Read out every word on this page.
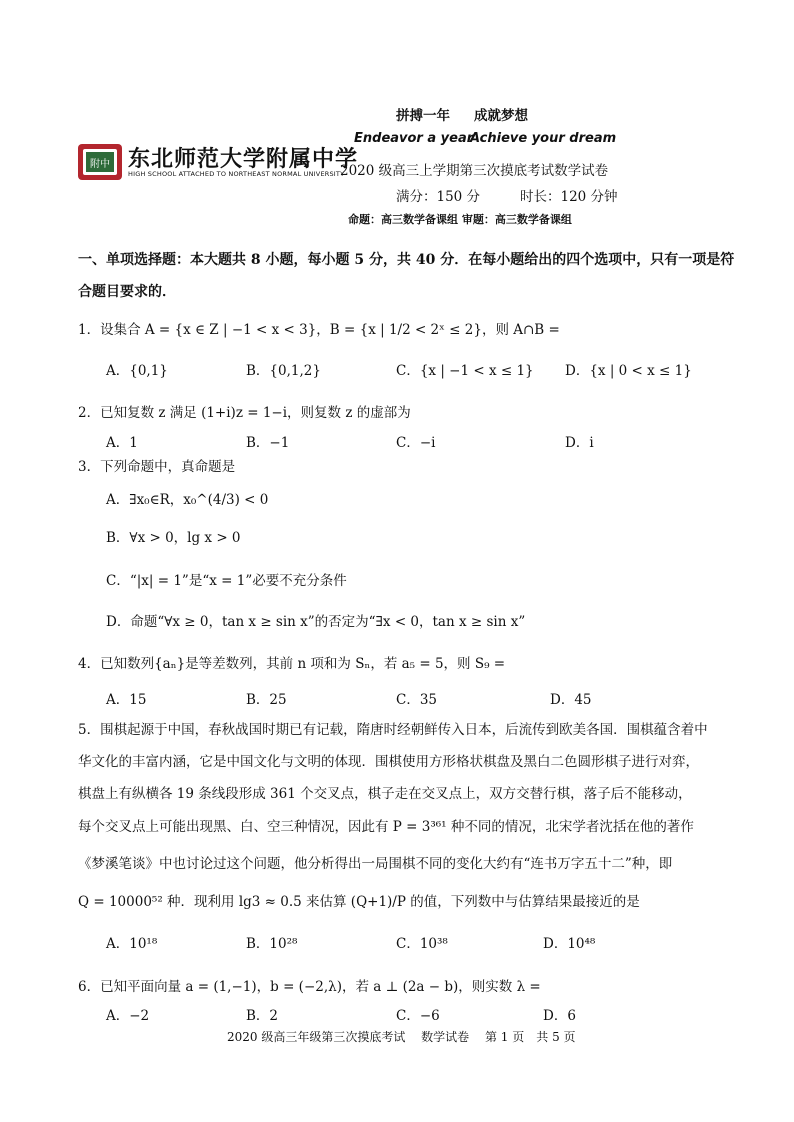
拼搏一年 成就梦想
Endeavor a year
Achieve your dream
2020 级高三上学期第三次摸底考试数学试卷
满分：150 分	时长：120 分钟
命题：高三数学备课组 审题：高三数学备课组
附中 东北师范大学附属中学
HIGH SCHOOL ATTACHED TO NORTHEAST NORMAL UNIVERSITY
一、单项选择题：本大题共 8 小题，每小题 5 分，共 40 分．在每小题给出的四个选项中，只有一项是符
合题目要求的．
1．设集合 A = {x ∈ Z | −1 < x < 3}，B = {x | 1/2 < 2ˣ ≤ 2}，则 A∩B =
A．{0,1}	B．{0,1,2}	C．{x | −1 < x ≤ 1} D．{x | 0 < x ≤ 1}
2．已知复数 z 满足 (1+i)z = 1−i，则复数 z 的虚部为
A．1	B．−1	C．−i	D．i
3．下列命题中，真命题是
A．∃x₀∈R，x₀^(4/3) < 0
B．∀x > 0，lg x > 0
C．“|x| = 1”是“x = 1”必要不充分条件
D．命题“∀x ≥ 0，tan x ≥ sin x”的否定为“∃x < 0，tan x ≥ sin x”
4．已知数列{aₙ}是等差数列，其前 n 项和为 Sₙ，若 a₅ = 5，则 S₉ =
A．15	B．25	C．35	D．45
5．围棋起源于中国，春秋战国时期已有记载，隋唐时经朝鲜传入日本，后流传到欧美各国．围棋蕴含着中
华文化的丰富内涵，它是中国文化与文明的体现．围棋使用方形格状棋盘及黑白二色圆形棋子进行对弈，
棋盘上有纵横各 19 条线段形成 361 个交叉点，棋子走在交叉点上，双方交替行棋，落子后不能移动，
每个交叉点上可能出现黑、白、空三种情况，因此有 P = 3³⁶¹ 种不同的情况，北宋学者沈括在他的著作
《梦溪笔谈》中也讨论过这个问题，他分析得出一局围棋不同的变化大约有“连书万字五十二”种，即
Q = 10000⁵² 种．现利用 lg3 ≈ 0.5 来估算 (Q+1)/P 的值，下列数中与估算结果最接近的是
A．10¹⁸	B．10²⁸	C．10³⁸	D．10⁴⁸
6．已知平面向量 a = (1,−1)，b = (−2,λ)，若 a ⊥ (2a − b)，则实数 λ =
A．−2	B．2	C．−6	D．6
2020 级高三年级第三次摸底考试　 数学试卷　 第 1 页　共 5 页
